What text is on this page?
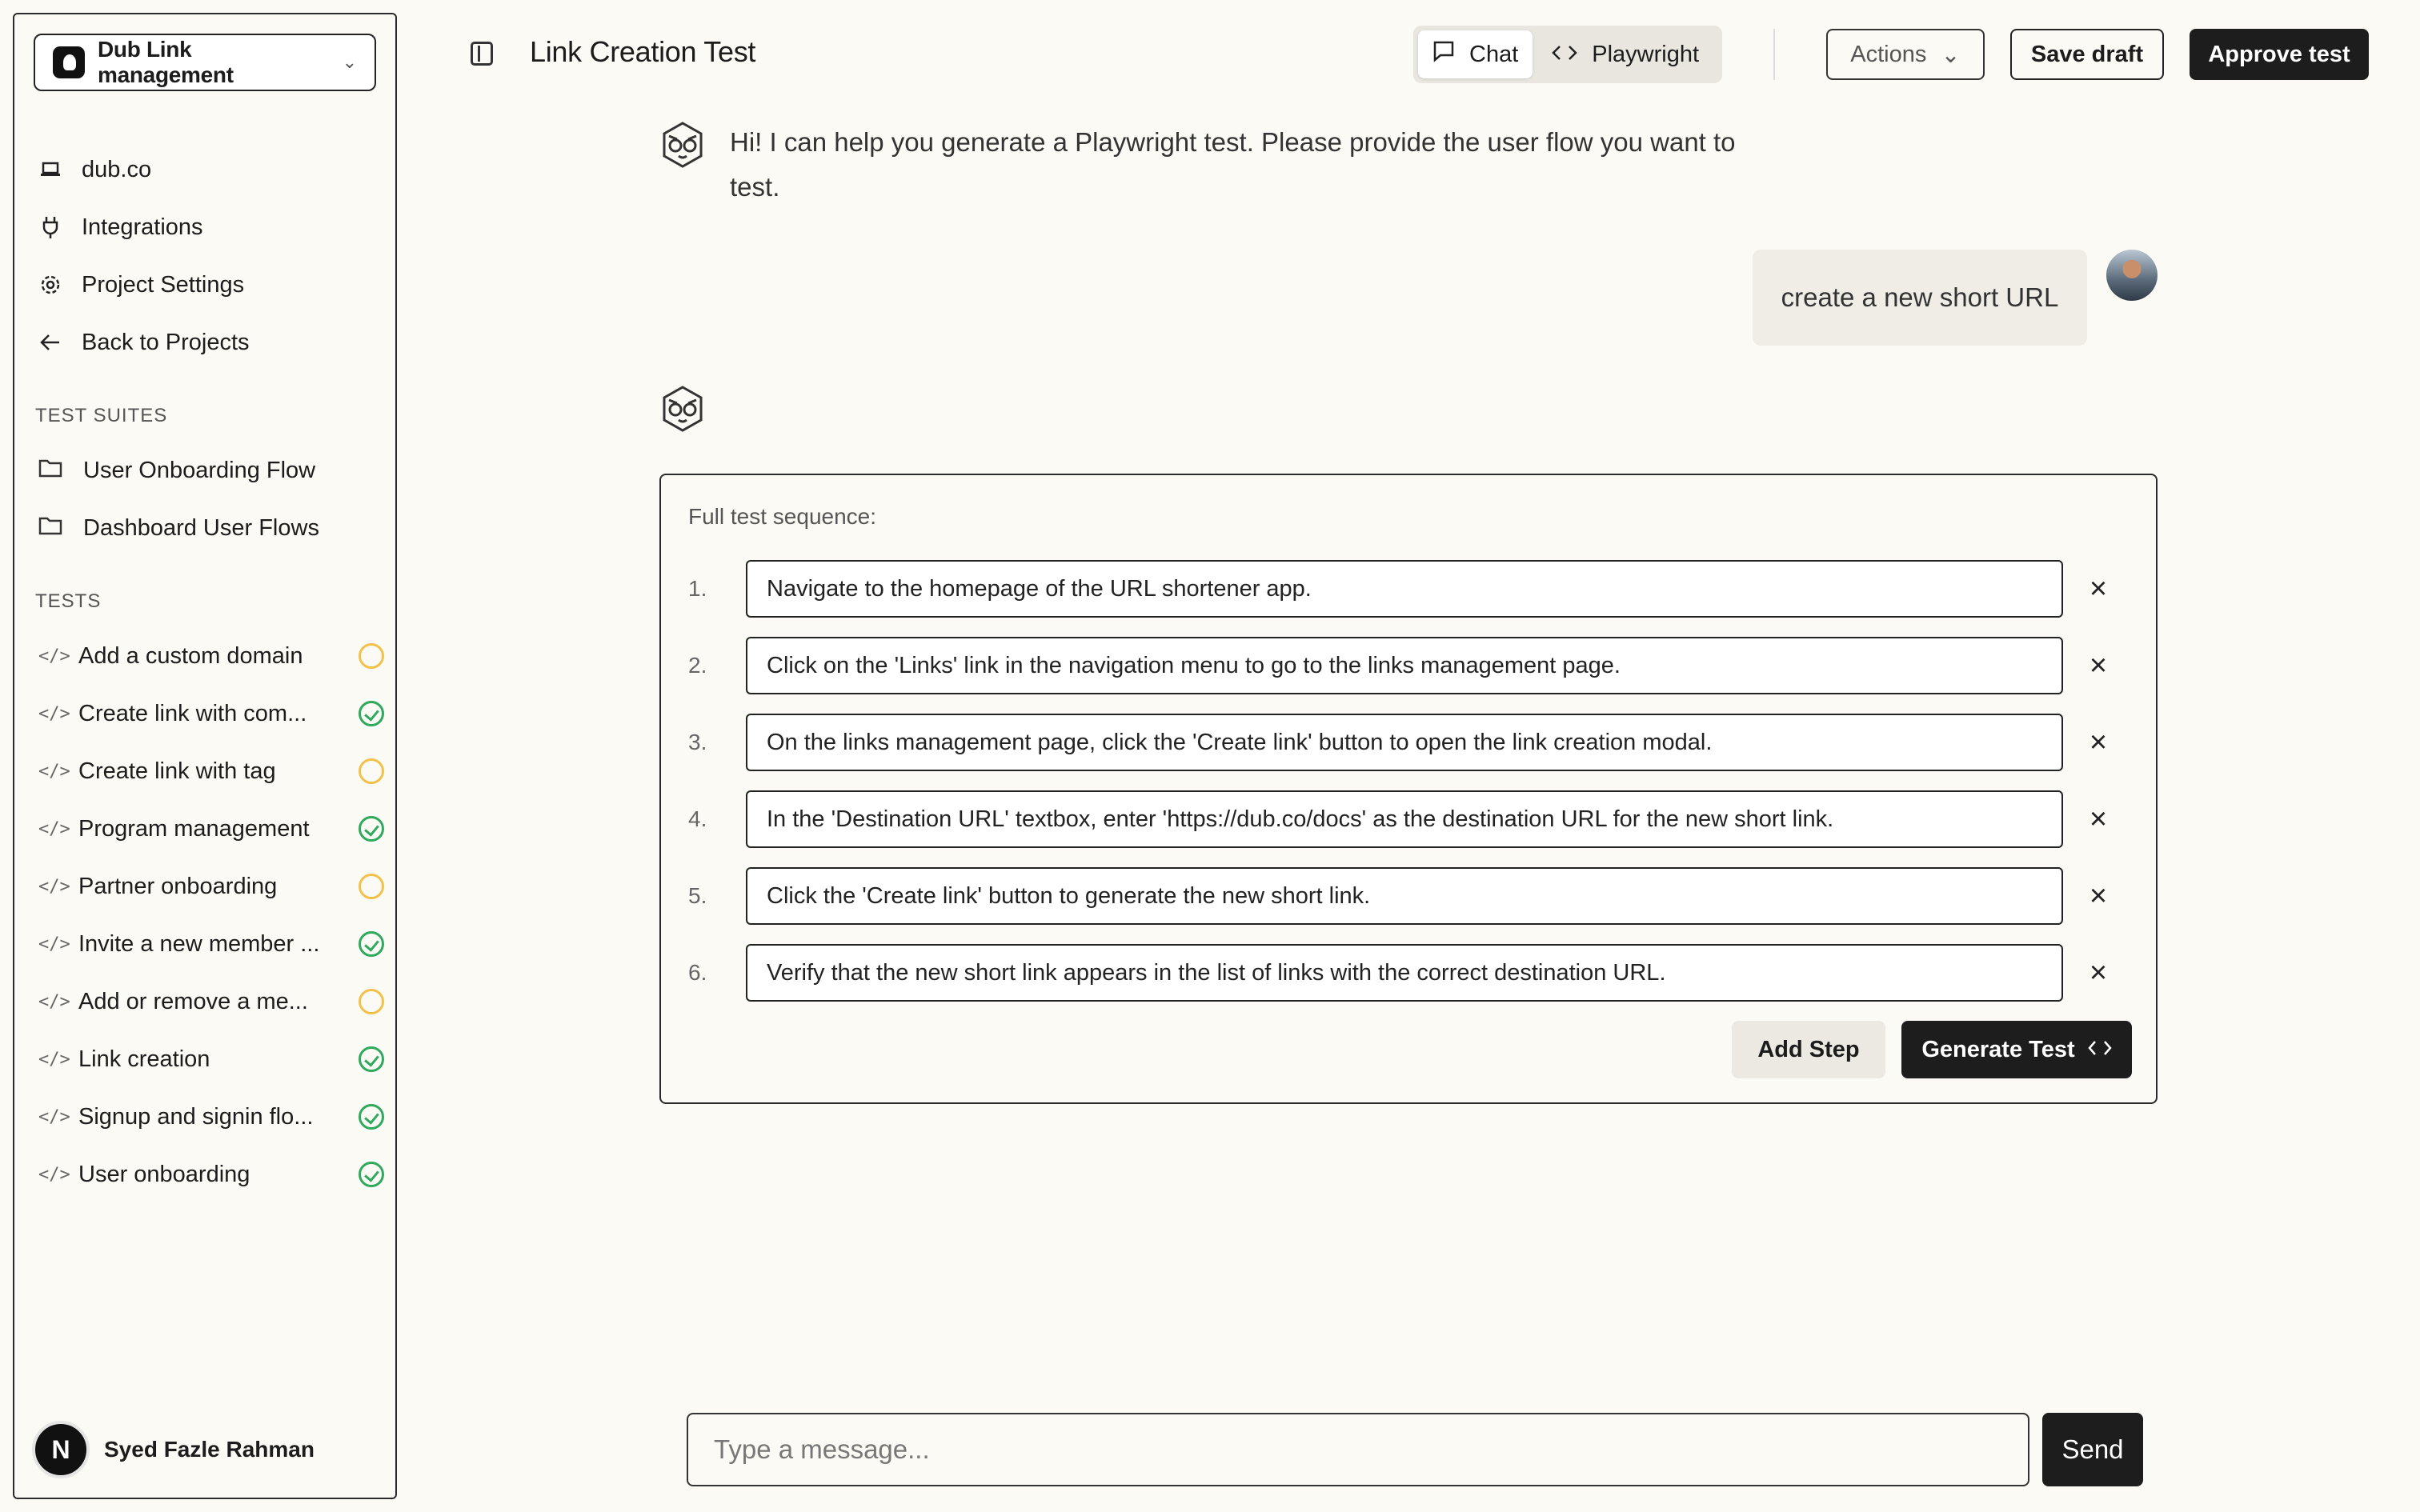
Dub Link management
⌄
dub.co
Integrations
Project Settings
Back to Projects
TEST SUITES
User Onboarding Flow
Dashboard User Flows
TESTS
</> Add a custom domain
</> Create link with com...
</> Create link with tag
</> Program management
</> Partner onboarding
</> Invite a new member ...
</> Add or remove a me...
</> Link creation
</> Signup and signin flo...
</> User onboarding
N	Syed Fazle Rahman
Link Creation Test	Chat	Playwright	Actions ⌄	Save draft	Approve test
Hi! I can help you generate a Playwright test. Please provide the user flow you want to test.
create a new short URL
Full test sequence:
1.	Navigate to the homepage of the URL shortener app.	×
2.	Click on the 'Links' link in the navigation menu to go to the links management page.	×
3.	On the links management page, click the 'Create link' button to open the link creation modal.	×
4.	In the 'Destination URL' textbox, enter 'https://dub.co/docs' as the destination URL for the new short link.	×
5.	Click the 'Create link' button to generate the new short link.	×
6.	Verify that the new short link appears in the list of links with the correct destination URL.	×
Add Step	Generate Test
Type a message...	Send
